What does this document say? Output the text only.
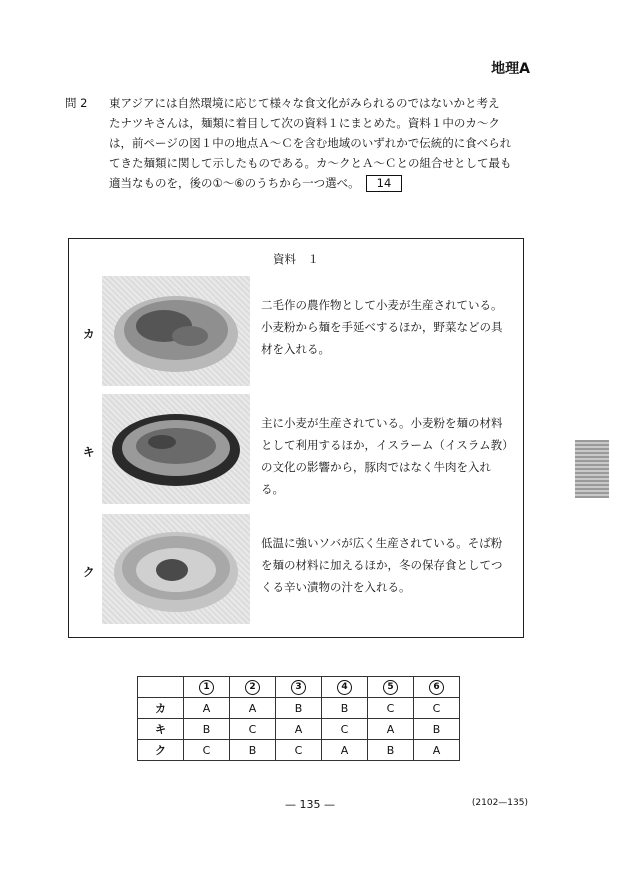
地理A
問 2 東アジアには自然環境に応じて様々な食文化がみられるのではないかと考え
たナツキさんは，麺類に着目して次の資料１にまとめた。資料１中のカ～ク
は，前ページの図１中の地点Ａ～Ｃを含む地域のいずれかで伝統的に食べられ
てきた麺類に関して示したものである。カ～クとＡ～Ｃとの組合せとして最も
適当なものを，後の①～⑥のうちから一つ選べ。 14
資料　１
カ
二毛作の農作物として小麦が生産されている。
小麦粉から麺を手延べするほか，野菜などの具
材を入れる。
キ
主に小麦が生産されている。小麦粉を麺の材料
として利用するほか，イスラーム（イスラム教）
の文化の影響から，豚肉ではなく牛肉を入れ
る。
ク
低温に強いソバが広く生産されている。そば粉
を麺の材料に加えるほか，冬の保存食としてつ
くる辛い漬物の汁を入れる。
	1	2	3	4	5	6
カ	A	A	B	B	C	C
キ	B	C	A	C	A	B
ク	C	B	C	A	B	A
— 135 —	(2102—135)
